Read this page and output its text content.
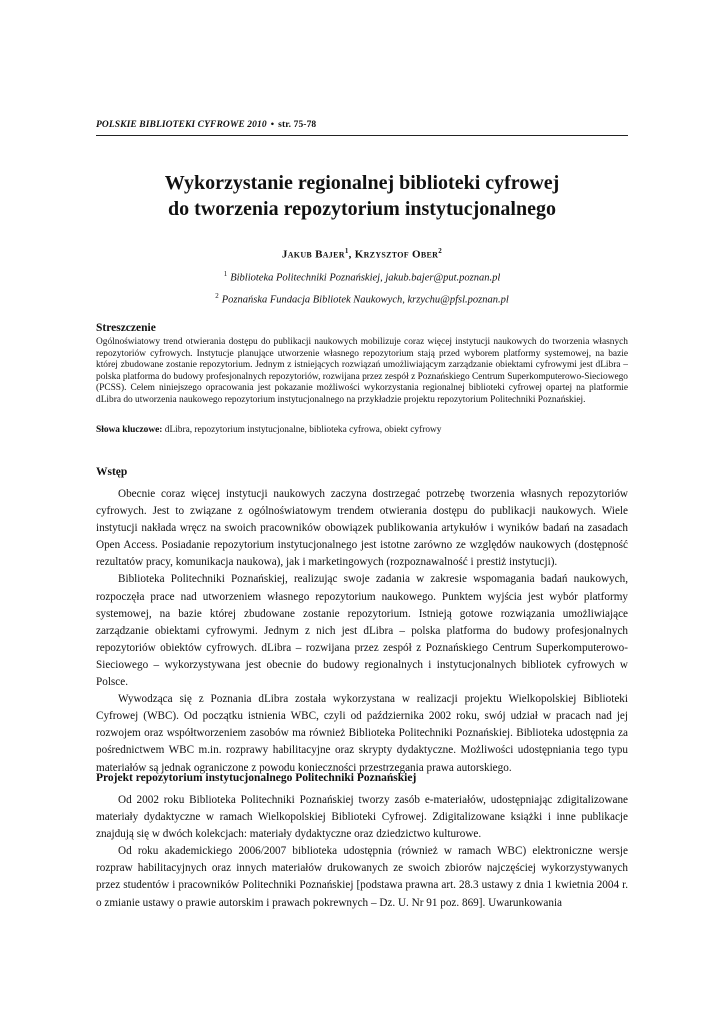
POLSKIE BIBLIOTEKI CYFROWE 2010 • str. 75-78
Wykorzystanie regionalnej biblioteki cyfrowej
do tworzenia repozytorium instytucjonalnego
Jakub Bajer$^1$, Krzysztof Ober$^2$
$^1$ Biblioteka Politechniki Poznańskiej, jakub.bajer@put.poznan.pl
$^2$ Poznańska Fundacja Bibliotek Naukowych, krzychu@pfsl.poznan.pl
Streszczenie
Ogólnoświatowy trend otwierania dostępu do publikacji naukowych mobilizuje coraz więcej instytucji naukowych do tworzenia własnych repozytoriów cyfrowych. Instytucje planujące utworzenie własnego repozytorium stają przed wyborem platformy systemowej, na bazie której zbudowane zostanie repozytorium. Jednym z istniejących rozwiązań umożliwiającym zarządzanie obiektami cyfrowymi jest dLibra – polska platforma do budowy profesjonalnych repozytoriów, rozwijana przez zespół z Poznańskiego Centrum Superkomputerowo-Sieciowego (PCSS). Celem niniejszego opracowania jest pokazanie możliwości wykorzystania regionalnej biblioteki cyfrowej opartej na platformie dLibra do utworzenia naukowego repozytorium instytucjonalnego na przykładzie projektu repozytorium Politechniki Poznańskiej.
Słowa kluczowe: dLibra, repozytorium instytucjonalne, biblioteka cyfrowa, obiekt cyfrowy
Wstęp

Obecnie coraz więcej instytucji naukowych zaczyna dostrzegać potrzebę tworzenia własnych repozytoriów cyfrowych. Jest to związane z ogólnoświatowym trendem otwierania dostępu do publikacji naukowych. Wiele instytucji nakłada wręcz na swoich pracowników obowiązek publikowania artykułów i wyników badań na zasadach Open Access. Posiadanie repozytorium instytucjonalnego jest istotne zarówno ze względów naukowych (dostępność rezultatów pracy, komunikacja naukowa), jak i marketingowych (rozpoznawalność i prestiż instytucji).

Biblioteka Politechniki Poznańskiej, realizując swoje zadania w zakresie wspomagania badań naukowych, rozpoczęła prace nad utworzeniem własnego repozytorium naukowego. Punktem wyjścia jest wybór platformy systemowej, na bazie której zbudowane zostanie repozytorium. Istnieją gotowe rozwiązania umożliwiające zarządzanie obiektami cyfrowymi. Jednym z nich jest dLibra – polska platforma do budowy profesjonalnych repozytoriów obiektów cyfrowych. dLibra – rozwijana przez zespół z Poznańskiego Centrum Superkomputerowo-Sieciowego – wykorzystywana jest obecnie do budowy regionalnych i instytucjonalnych bibliotek cyfrowych w Polsce.

Wywodząca się z Poznania dLibra została wykorzystana w realizacji projektu Wielkopolskiej Biblioteki Cyfrowej (WBC). Od początku istnienia WBC, czyli od października 2002 roku, swój udział w pracach nad jej rozwojem oraz współtworzeniem zasobów ma również Biblioteka Politechniki Poznańskiej. Biblioteka udostępnia za pośrednictwem WBC m.in. rozprawy habilitacyjne oraz skrypty dydaktyczne. Możliwości udostępniania tego typu materiałów są jednak ograniczone z powodu konieczności przestrzegania prawa autorskiego.

Projekt repozytorium instytucjonalnego Politechniki Poznańskiej

Od 2002 roku Biblioteka Politechniki Poznańskiej tworzy zasób e-materiałów, udostępniając zdigitalizowane materiały dydaktyczne w ramach Wielkopolskiej Biblioteki Cyfrowej. Zdigitalizowane książki i inne publikacje znajdują się w dwóch kolekcjach: materiały dydaktyczne oraz dziedzictwo kulturowe.

Od roku akademickiego 2006/2007 biblioteka udostępnia (również w ramach WBC) elektroniczne wersje rozpraw habilitacyjnych oraz innych materiałów drukowanych ze swoich zbiorów najczęściej wykorzystywanych przez studentów i pracowników Politechniki Poznańskiej [podstawa prawna art. 28.3 ustawy z dnia 1 kwietnia 2004 r. o zmianie ustawy o prawie autorskim i prawach pokrewnych – Dz. U. Nr 91 poz. 869]. Uwarunkowania
